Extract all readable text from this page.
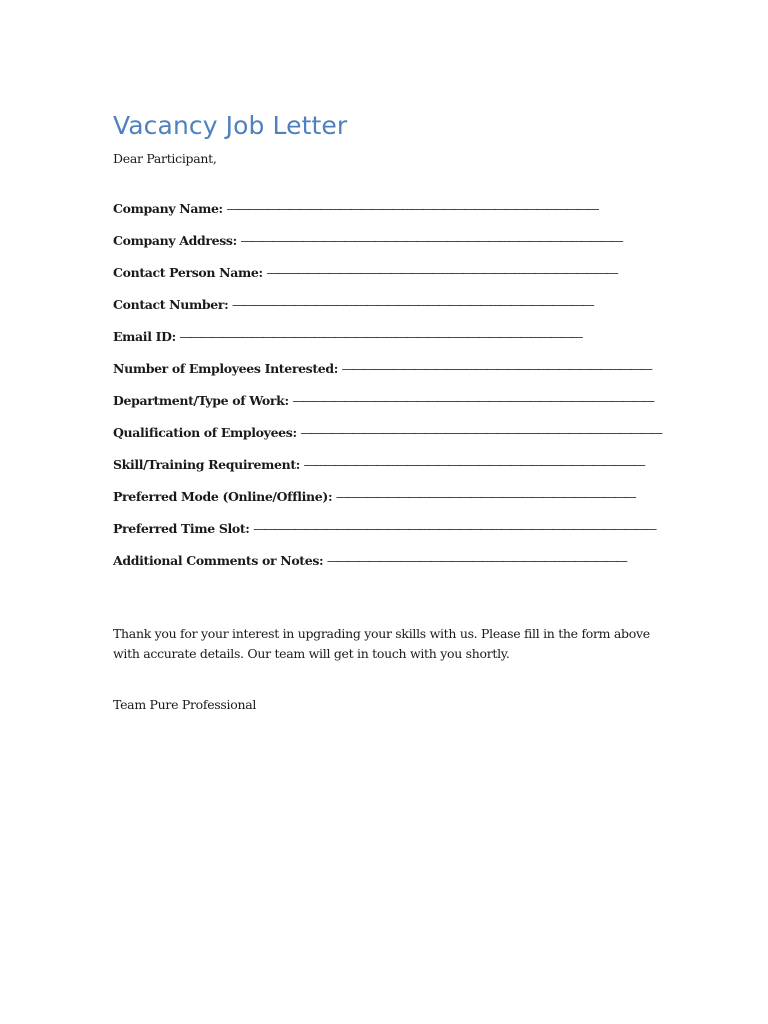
Vacancy Job Letter
Dear Participant,
Company Name: ————————————————————————————————————
Company Address: —————————————————————————————————————
Contact Person Name: ——————————————————————————————————
Contact Number: ———————————————————————————————————
Email ID: ———————————————————————————————————————
Number of Employees Interested: ——————————————————————————————
Department/Type of Work: ———————————————————————————————————
Qualification of Employees: ———————————————————————————————————
Skill/Training Requirement: —————————————————————————————————
Preferred Mode (Online/Offline): —————————————————————————————
Preferred Time Slot: ———————————————————————————————————————
Additional Comments or Notes: —————————————————————————————

Thank you for your interest in upgrading your skills with us. Please fill in the form above with accurate details. Our team will get in touch with you shortly.

Team Pure Professional
